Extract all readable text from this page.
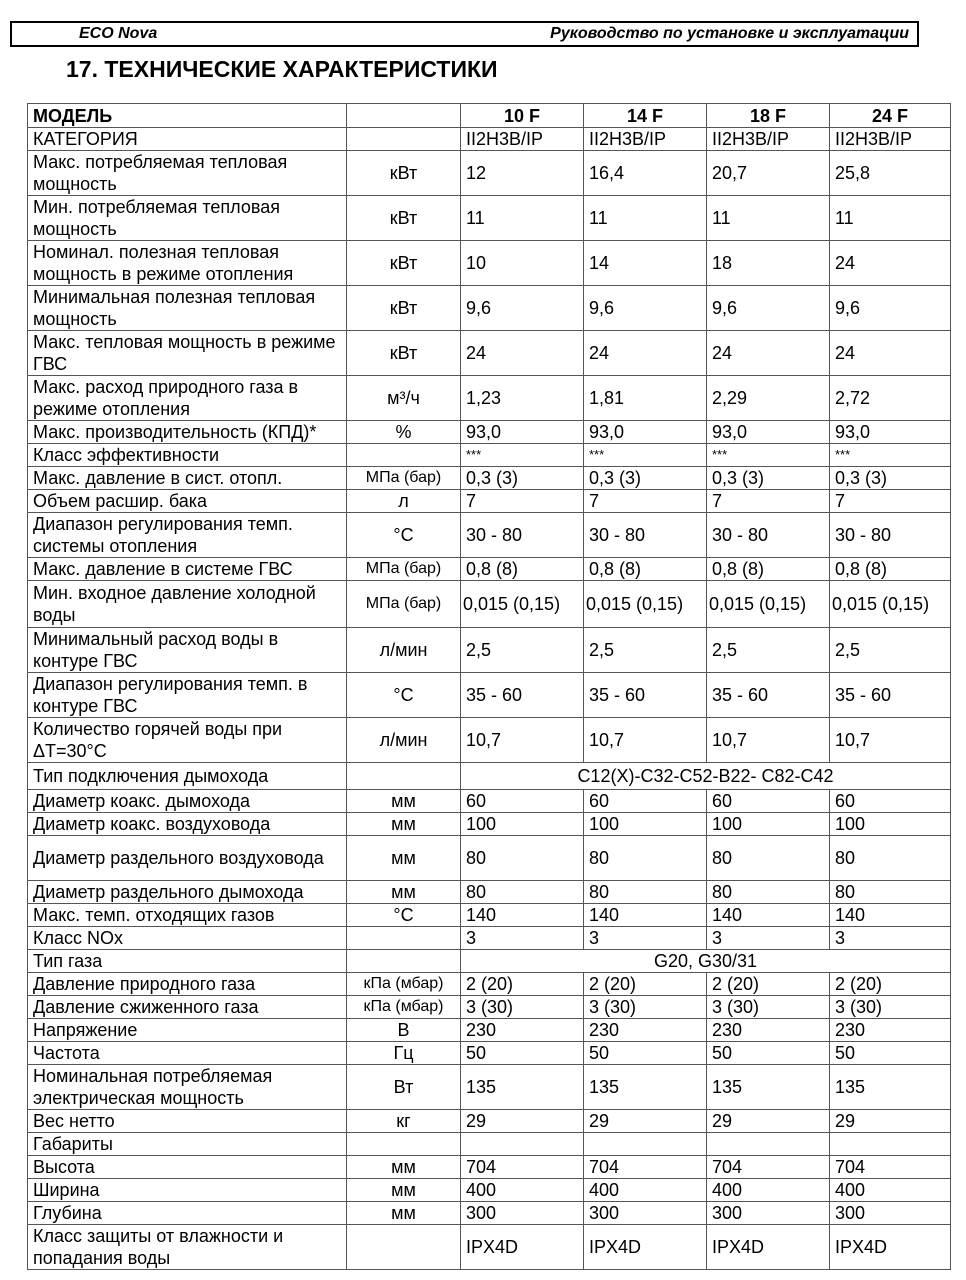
ECO Nova	Руководство по установке и эксплуатации
17. ТЕХНИЧЕСКИЕ ХАРАКТЕРИСТИКИ
МОДЕЛЬ		10 F	14 F	18 F	24 F
КАТЕГОРИЯ		II2H3B/IP	II2H3B/IP	II2H3B/IP	II2H3B/IP
Макс. потребляемая тепловая мощность	кВт	12	16,4	20,7	25,8
Мин. потребляемая тепловая мощность	кВт	11	11	11	11
Номинал. полезная тепловая мощность в режиме отопления	кВт	10	14	18	24
Минимальная полезная тепловая мощность	кВт	9,6	9,6	9,6	9,6
Макс. тепловая мощность в режиме ГВС	кВт	24	24	24	24
Макс. расход природного газа в режиме отопления	м³/ч	1,23	1,81	2,29	2,72
Макс. производительность (КПД)*	%	93,0	93,0	93,0	93,0
Класс эффективности		***	***	***	***
Макс. давление в сист. отопл.	МПа (бар)	0,3 (3)	0,3 (3)	0,3 (3)	0,3 (3)
Объем расшир. бака	л	7	7	7	7
Диапазон регулирования темп. системы отопления	°C	30 - 80	30 - 80	30 - 80	30 - 80
Макс. давление в системе ГВС	МПа (бар)	0,8 (8)	0,8 (8)	0,8 (8)	0,8 (8)
Мин. входное давление холодной воды	МПа (бар)	0,015 (0,15)	0,015 (0,15)	0,015 (0,15)	0,015 (0,15)
Минимальный расход воды в контуре ГВС	л/мин	2,5	2,5	2,5	2,5
Диапазон регулирования темп. в контуре ГВС	°C	35 - 60	35 - 60	35 - 60	35 - 60
Количество горячей воды при ΔT=30°C	л/мин	10,7	10,7	10,7	10,7
Тип подключения дымохода		C12(X)-C32-C52-B22- C82-C42			
Диаметр коакс. дымохода	мм	60	60	60	60
Диаметр коакс. воздуховода	мм	100	100	100	100
Диаметр раздельного воздуховода	мм	80	80	80	80
Диаметр раздельного дымохода	мм	80	80	80	80
Макс. темп. отходящих газов	°C	140	140	140	140
Класс NOx		3	3	3	3
Тип газа		G20, G30/31			
Давление природного газа	кПа (мбар)	2 (20)	2 (20)	2 (20)	2 (20)
Давление сжиженного газа	кПа (мбар)	3 (30)	3 (30)	3 (30)	3 (30)
Напряжение	В	230	230	230	230
Частота	Гц	50	50	50	50
Номинальная потребляемая электрическая мощность	Вт	135	135	135	135
Вес нетто	кг	29	29	29	29
Габариты					
Высота	мм	704	704	704	704
Ширина	мм	400	400	400	400
Глубина	мм	300	300	300	300
Класс защиты от влажности и попадания воды		IPX4D	IPX4D	IPX4D	IPX4D
